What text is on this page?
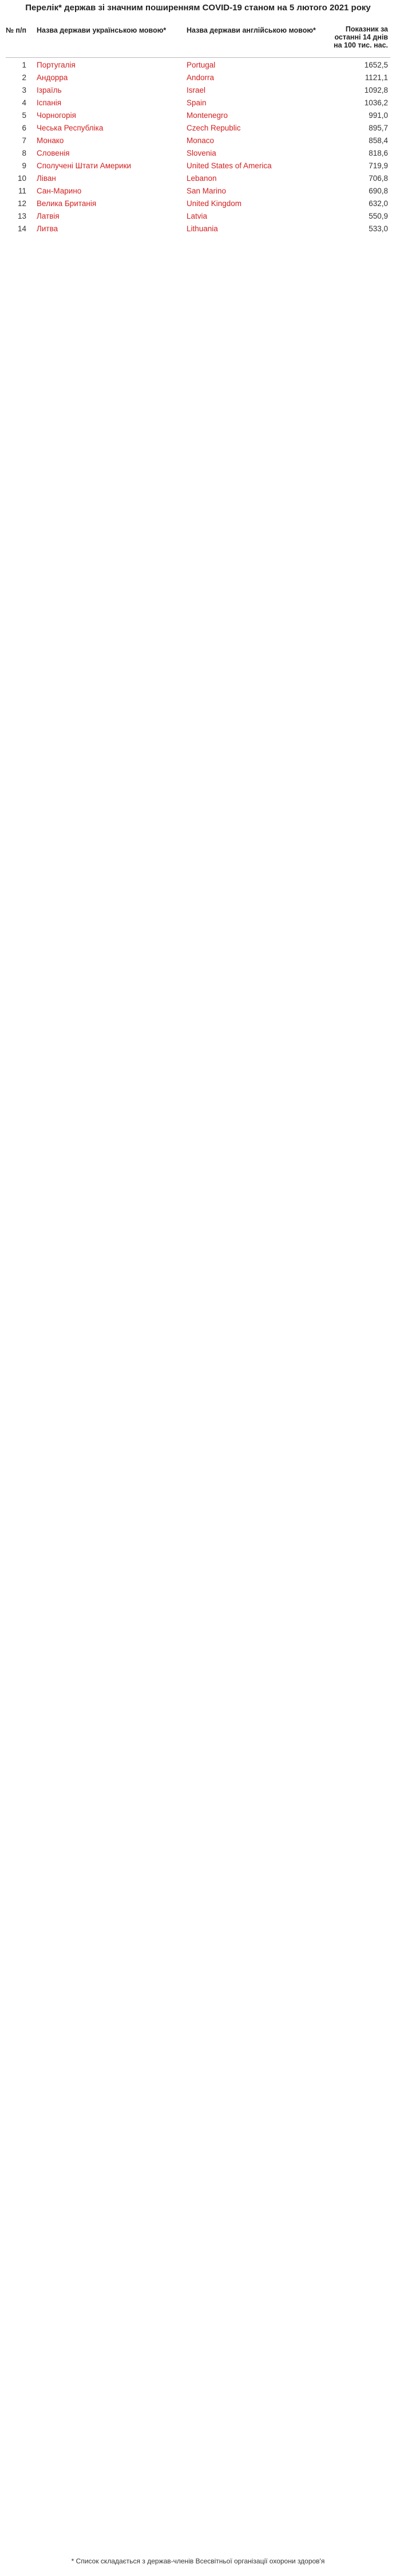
Перелік* держав зі значним поширенням COVID-19 станом на 5 лютого 2021 року
№ п/п	Назва держави українською мовою*	Назва держави англійською мовою*	Показник за останні 14 днів на 100 тис. нас.
1	Португалія	Portugal	1652,5
2	Андорра	Andorra	1121,1
3	Ізраїль	Israel	1092,8
4	Іспанія	Spain	1036,2
5	Чорногорія	Montenegro	991,0
6	Чеська Республіка	Czech Republic	895,7
7	Монако	Monaco	858,4
8	Словенія	Slovenia	818,6
9	Сполучені Штати Америки	United States of America	719,9
10	Ліван	Lebanon	706,8
11	Сан-Марино	San Marino	690,8
12	Велика Британія	United Kingdom	632,0
13	Латвія	Latvia	550,9
14	Литва	Lithuania	533,0
* Список складається з держав-членів Всесвітньої організації охорони здоров'я
